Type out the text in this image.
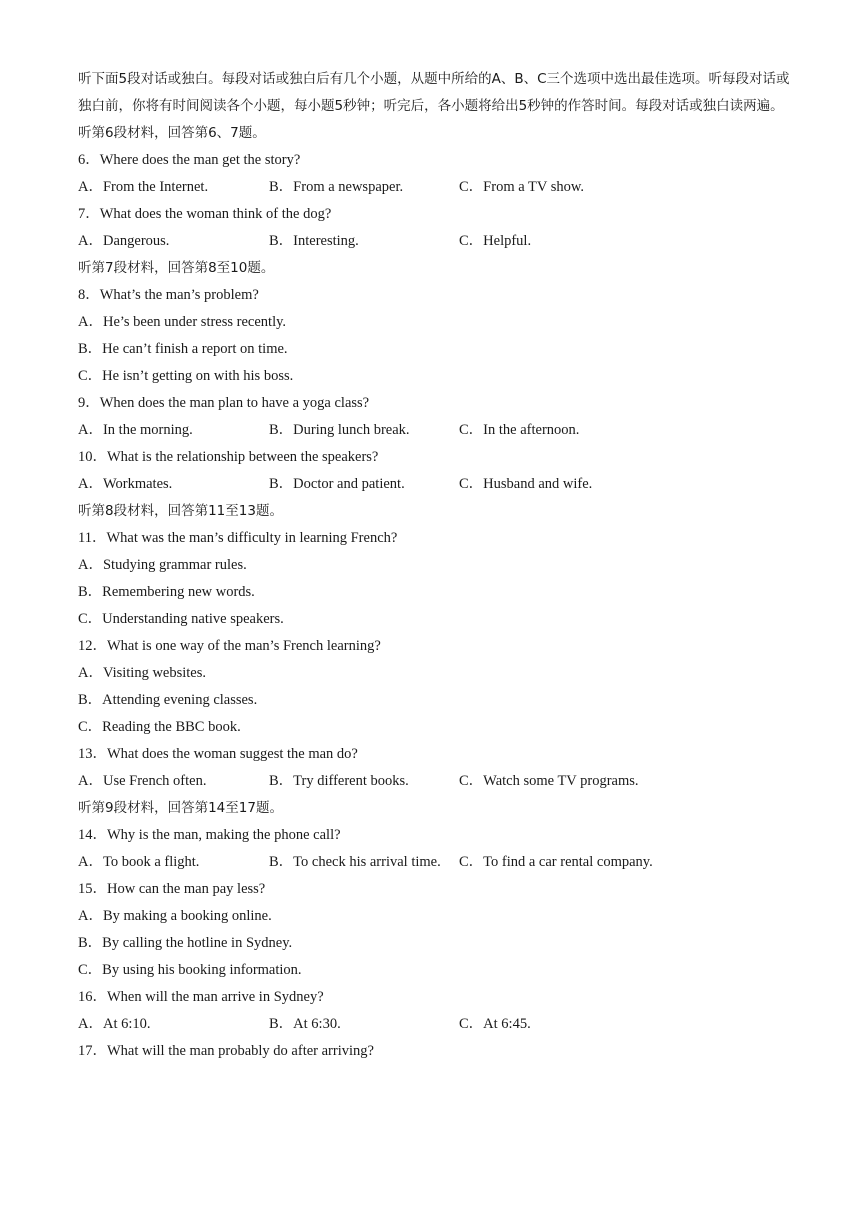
听下面5段对话或独白。每段对话或独白后有几个小题，从题中所给的A、B、C三个选项中选出最佳选项。听每段对话或独白前，你将有时间阅读各个小题，每小题5秒钟；听完后，各小题将给出5秒钟的作答时间。每段对话或独白读两遍。

听第6段材料，回答第6、7题。
6．Where does the man get the story?
A．From the Internet.	B．From a newspaper.	C．From a TV show.
7．What does the woman think of the dog?
A．Dangerous.	B．Interesting.	C．Helpful.
听第7段材料，回答第8至10题。
8．What’s the man’s problem?
A．He’s been under stress recently.
B．He can’t finish a report on time.
C．He isn’t getting on with his boss.
9．When does the man plan to have a yoga class?
A．In the morning.	B．During lunch break.	C．In the afternoon.
10．What is the relationship between the speakers?
A．Workmates.	B．Doctor and patient.	C．Husband and wife.
听第8段材料，回答第11至13题。
11．What was the man’s difficulty in learning French?
A．Studying grammar rules.
B．Remembering new words.
C．Understanding native speakers.
12．What is one way of the man’s French learning?
A．Visiting websites.
B．Attending evening classes.
C．Reading the BBC book.
13．What does the woman suggest the man do?
A．Use French often.	B．Try different books.	C．Watch some TV programs.
听第9段材料，回答第14至17题。
14．Why is the man, making the phone call?
A．To book a flight.	B．To check his arrival time.	C．To find a car rental company.
15．How can the man pay less?
A．By making a booking online.
B．By calling the hotline in Sydney.
C．By using his booking information.
16．When will the man arrive in Sydney?
A．At 6:10.	B．At 6:30.	C．At 6:45.
17．What will the man probably do after arriving?
